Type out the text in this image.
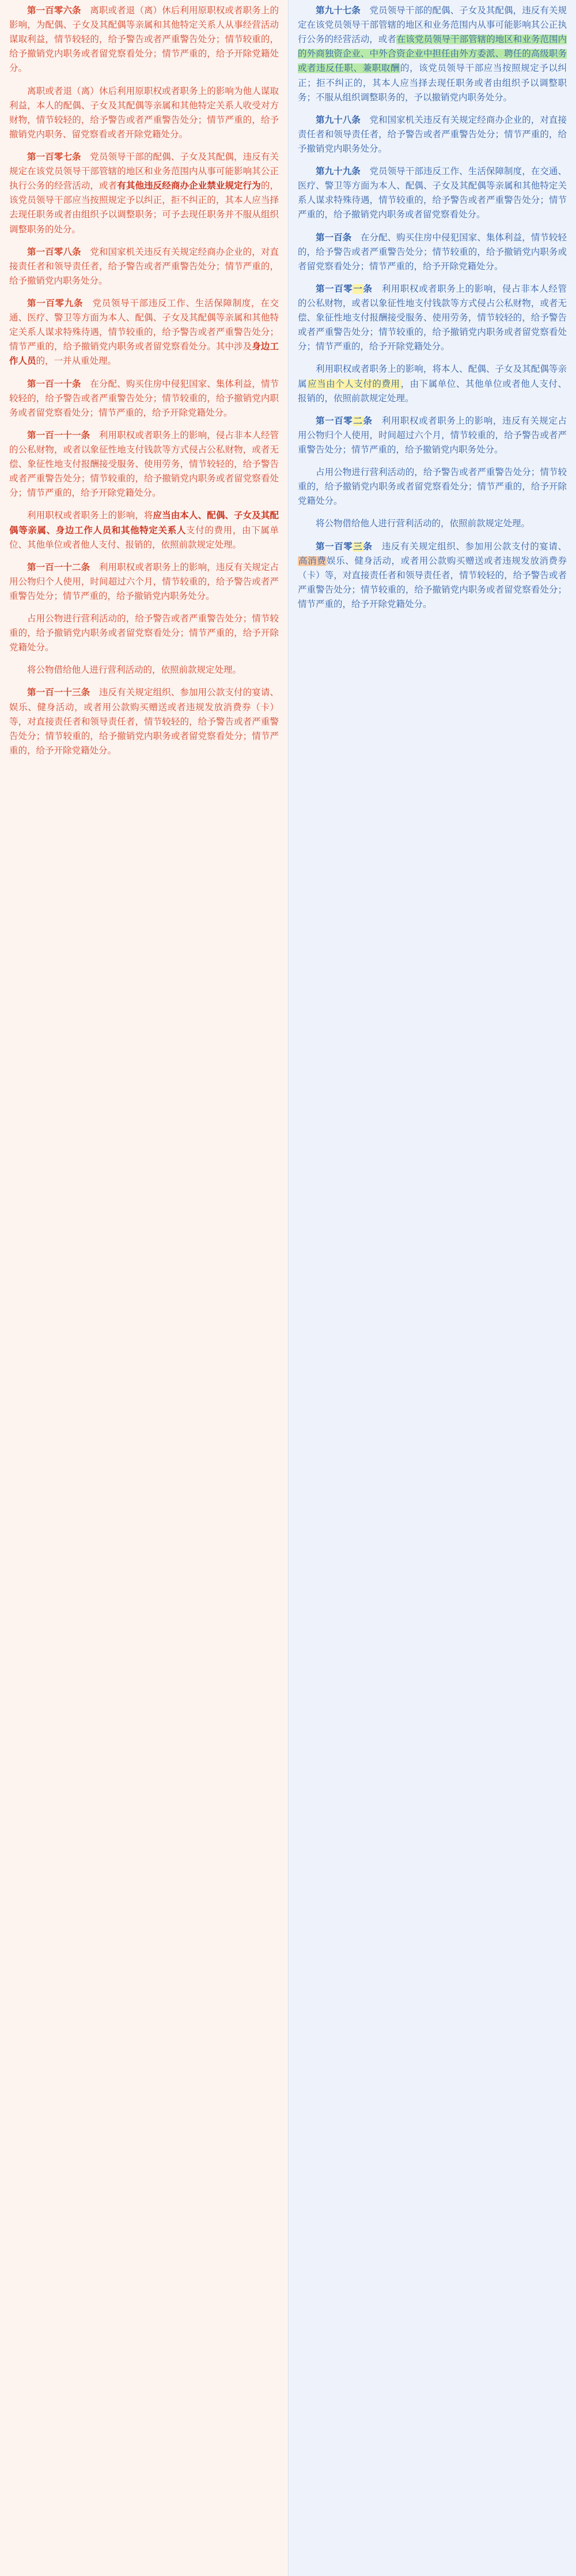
第一百零六条　离职或者退（离）休后利用原职权或者职务上的影响，为配偶、子女及其配偶等亲属和其他特定关系人从事经营活动谋取利益，情节较轻的，给予警告或者严重警告处分；情节较重的，给予撤销党内职务或者留党察看处分；情节严重的，给予开除党籍处分。
离职或者退（离）休后利用原职权或者职务上的影响为他人谋取利益，本人的配偶、子女及其配偶等亲属和其他特定关系人收受对方财物，情节较轻的，给予警告或者严重警告处分；情节严重的，给予撤销党内职务、留党察看或者开除党籍处分。
第一百零七条　党员领导干部的配偶、子女及其配偶，违反有关规定在该党员领导干部管辖的地区和业务范围内从事可能影响其公正执行公务的经营活动，或者有其他违反经商办企业禁业规定行为的，该党员领导干部应当按照规定予以纠正，拒不纠正的，其本人应当择去现任职务或者由组织予以调整职务；可予去现任职务并不服从组织调整职务的处分。
第一百零八条　党和国家机关违反有关规定经商办企业的，对直接责任者和领导责任者，给予警告或者严重警告处分；情节严重的，给予撤销党内职务处分。
第一百零九条　党员领导干部违反工作、生活保障制度，在交通、医疗、警卫等方面为本人、配偶、子女及其配偶等亲属和其他特定关系人谋求特殊待遇，情节较重的，给予警告或者严重警告处分；情节严重的，给予撤销党内职务或者留党察看处分。其中涉及身边工作人员的，一并从重处理。
第一百一十条　在分配、购买住房中侵犯国家、集体利益，情节较轻的，给予警告或者严重警告处分；情节较重的，给予撤销党内职务或者留党察看处分；情节严重的，给予开除党籍处分。
第一百一十一条　利用职权或者职务上的影响，侵占非本人经管的公私财物，或者以象征性地支付钱款等方式侵占公私财物，或者无偿、象征性地支付报酬接受服务、使用劳务，情节较轻的，给予警告或者严重警告处分；情节较重的，给予撤销党内职务或者留党察看处分；情节严重的，给予开除党籍处分。
利用职权或者职务上的影响，将应当由本人、配偶、子女及其配偶等亲属、身边工作人员和其他特定关系人支付的费用，由下属单位、其他单位或者他人支付、报销的，依照前款规定处理。
第一百一十二条　利用职权或者职务上的影响，违反有关规定占用公物归个人使用，时间超过六个月，情节较重的，给予警告或者严重警告处分；情节严重的，给予撤销党内职务处分。
占用公物进行营利活动的，给予警告或者严重警告处分；情节较重的，给予撤销党内职务或者留党察看处分；情节严重的，给予开除党籍处分。
将公物借给他人进行营利活动的，依照前款规定处理。
第一百一十三条　违反有关规定组织、参加用公款支付的宴请、娱乐、健身活动，或者用公款购买赠送或者违规发放消费券（卡）等，对直接责任者和领导责任者，情节较轻的，给予警告或者严重警告处分；情节较重的，给予撤销党内职务或者留党察看处分；情节严重的，给予开除党籍处分。
第九十七条　党员领导干部的配偶、子女及其配偶，违反有关规定在该党员领导干部管辖的地区和业务范围内从事可能影响其公正执行公务的经营活动，或者在该党员领导干部管辖的地区和业务范围内的外商独资企业、中外合资企业中担任由外方委派、聘任的高级职务或者违反任职、兼职取酬的，该党员领导干部应当按照规定予以纠正；拒不纠正的，其本人应当择去现任职务或者由组织予以调整职务；不服从组织调整职务的，予以撤销党内职务处分。
第九十八条　党和国家机关违反有关规定经商办企业的，对直接责任者和领导责任者，给予警告或者严重警告处分；情节严重的，给予撤销党内职务处分。
第九十九条　党员领导干部违反工作、生活保障制度，在交通、医疗、警卫等方面为本人、配偶、子女及其配偶等亲属和其他特定关系人谋求特殊待遇，情节较重的，给予警告或者严重警告处分；情节严重的，给予撤销党内职务或者留党察看处分。
第一百条　在分配、购买住房中侵犯国家、集体利益，情节较轻的，给予警告或者严重警告处分；情节较重的，给予撤销党内职务或者留党察看处分；情节严重的，给予开除党籍处分。
第一百零一条　利用职权或者职务上的影响，侵占非本人经管的公私财物，或者以象征性地支付钱款等方式侵占公私财物，或者无偿、象征性地支付报酬接受服务、使用劳务，情节较轻的，给予警告或者严重警告处分；情节较重的，给予撤销党内职务或者留党察看处分；情节严重的，给予开除党籍处分。
利用职权或者职务上的影响，将本人、配偶、子女及其配偶等亲属应当由个人支付的费用，由下属单位、其他单位或者他人支付、报销的，依照前款规定处理。
第一百零二条　利用职权或者职务上的影响，违反有关规定占用公物归个人使用，时间超过六个月，情节较重的，给予警告或者严重警告处分；情节严重的，给予撤销党内职务处分。
占用公物进行营利活动的，给予警告或者严重警告处分；情节较重的，给予撤销党内职务或者留党察看处分；情节严重的，给予开除党籍处分。
将公物借给他人进行营利活动的，依照前款规定处理。
第一百零三条　违反有关规定组织、参加用公款支付的宴请、高消费娱乐、健身活动，或者用公款购买赠送或者违规发放消费券（卡）等，对直接责任者和领导责任者，情节较轻的，给予警告或者严重警告处分；情节较重的，给予撤销党内职务或者留党察看处分；情节严重的，给予开除党籍处分。
